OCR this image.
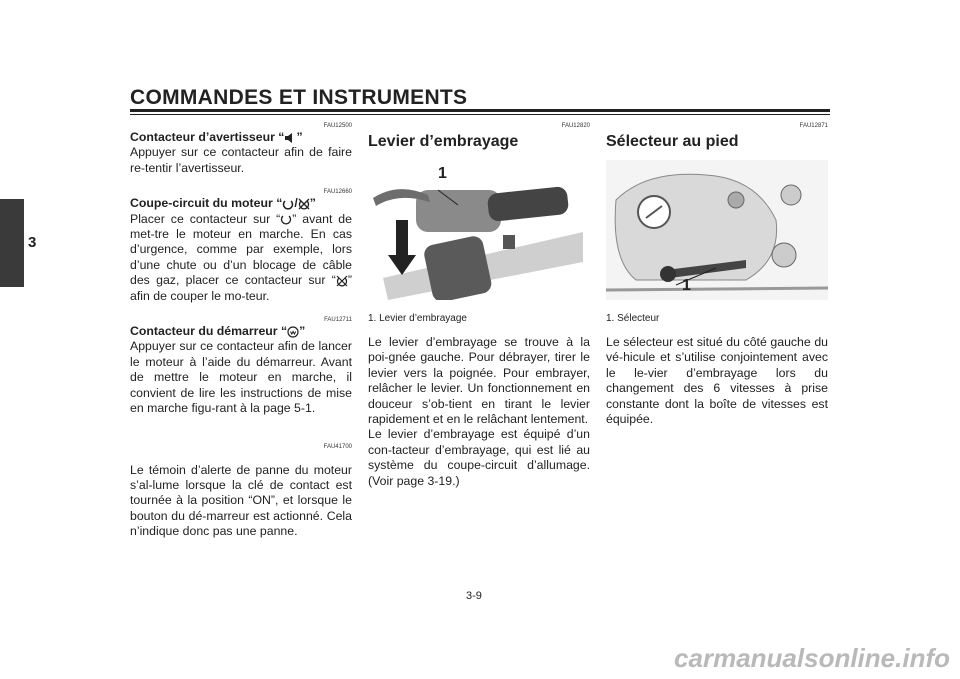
COMMANDES ET INSTRUMENTS
3
FAU12500
Contacteur d’avertisseur “ ”

Appuyer sur ce contacteur afin de faire re-tentir l’avertisseur.

FAU12660
Coupe-circuit du moteur “ / ”

Placer ce contacteur sur “ ” avant de met-tre le moteur en marche. En cas d’urgence, comme par exemple, lors d’une chute ou d’un blocage de câble des gaz, placer ce contacteur sur “ ” afin de couper le mo-teur.

FAU12711
Contacteur du démarreur “ ”

Appuyer sur ce contacteur afin de lancer le moteur à l’aide du démarreur. Avant de mettre le moteur en marche, il convient de lire les instructions de mise en marche figu-rant à la page 5-1.

FAU41700

Le témoin d’alerte de panne du moteur s’al-lume lorsque la clé de contact est tournée à la position “ON”, et lorsque le bouton du dé-marreur est actionné. Cela n’indique donc pas une panne.

FAU12820
Levier d’embrayage
1
1. Levier d’embrayage

Le levier d’embrayage se trouve à la poi-gnée gauche. Pour débrayer, tirer le levier vers la poignée. Pour embrayer, relâcher le levier. Un fonctionnement en douceur s’ob-tient en tirant le levier rapidement et en le relâchant lentement.

Le levier d’embrayage est équipé d’un con-tacteur d’embrayage, qui est lié au système du coupe-circuit d’allumage. (Voir page 3-19.)

FAU12871
Sélecteur au pied
1
1. Sélecteur

Le sélecteur est situé du côté gauche du vé-hicule et s’utilise conjointement avec le le-vier d’embrayage lors du changement des 6 vitesses à prise constante dont la boîte de vitesses est équipée.

3-9
carmanualsonline.info
